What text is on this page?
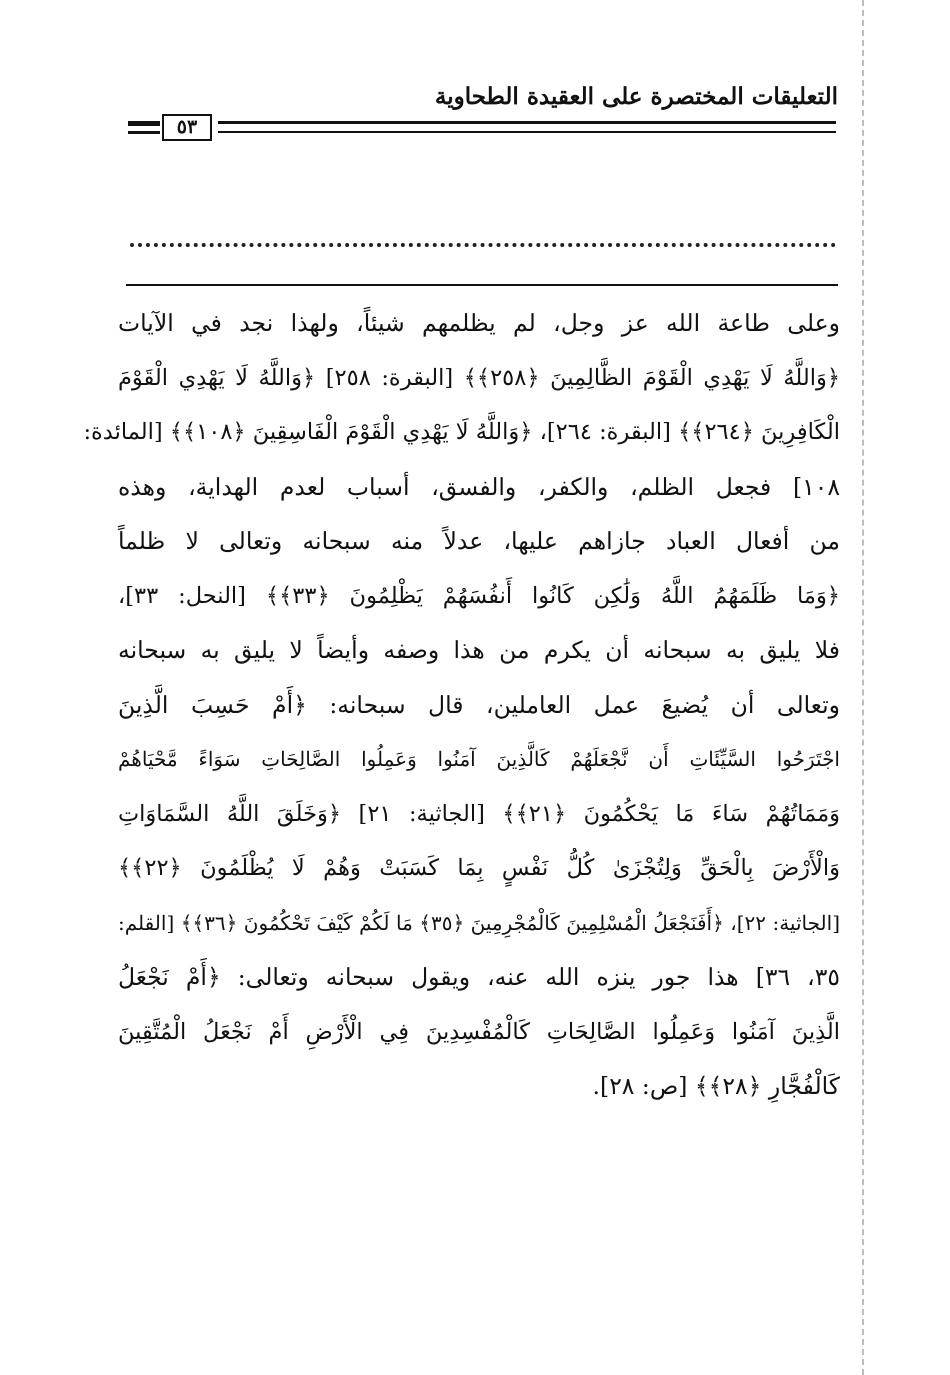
التعليقات المختصرة على العقيدة الطحاوية
٥٣
وعلى طاعة الله عز وجل، لم يظلمهم شيئاً، ولهذا نجد في الآيات
﴿وَاللَّهُ لَا يَهْدِي الْقَوْمَ الظَّالِمِينَ ﴿٢٥٨﴾﴾ [البقرة: ٢٥٨] ﴿وَاللَّهُ لَا يَهْدِي الْقَوْمَ
الْكَافِرِينَ ﴿٢٦٤﴾﴾ [البقرة: ٢٦٤]، ﴿وَاللَّهُ لَا يَهْدِي الْقَوْمَ الْفَاسِقِينَ ﴿١٠٨﴾﴾ [المائدة:
١٠٨] فجعل الظلم، والكفر، والفسق، أسباب لعدم الهداية، وهذه
من أفعال العباد جازاهم عليها، عدلاً منه سبحانه وتعالى لا ظلماً
﴿وَمَا ظَلَمَهُمُ اللَّهُ وَلَٰكِن كَانُوا أَنفُسَهُمْ يَظْلِمُونَ ﴿٣٣﴾﴾ [النحل: ٣٣]،
فلا يليق به سبحانه أن يكرم من هذا وصفه وأيضاً لا يليق به سبحانه
وتعالى أن يُضيعَ عمل العاملين، قال سبحانه: ﴿أَمْ حَسِبَ الَّذِينَ
اجْتَرَحُوا السَّيِّئَاتِ أَن نَّجْعَلَهُمْ كَالَّذِينَ آمَنُوا وَعَمِلُوا الصَّالِحَاتِ سَوَاءً مَّحْيَاهُمْ
وَمَمَاتُهُمْ سَاءَ مَا يَحْكُمُونَ ﴿٢١﴾﴾ [الجاثية: ٢١] ﴿وَخَلَقَ اللَّهُ السَّمَاوَاتِ
وَالْأَرْضَ بِالْحَقِّ وَلِتُجْزَىٰ كُلُّ نَفْسٍ بِمَا كَسَبَتْ وَهُمْ لَا يُظْلَمُونَ ﴿٢٢﴾﴾
[الجاثية: ٢٢]، ﴿أَفَنَجْعَلُ الْمُسْلِمِينَ كَالْمُجْرِمِينَ ﴿٣٥﴾ مَا لَكُمْ كَيْفَ تَحْكُمُونَ ﴿٣٦﴾﴾ [القلم:
٣٥، ٣٦] هذا جور ينزه الله عنه، ويقول سبحانه وتعالى: ﴿أَمْ نَجْعَلُ
الَّذِينَ آمَنُوا وَعَمِلُوا الصَّالِحَاتِ كَالْمُفْسِدِينَ فِي الْأَرْضِ أَمْ نَجْعَلُ الْمُتَّقِينَ
كَالْفُجَّارِ ﴿٢٨﴾﴾ [ص: ٢٨].
